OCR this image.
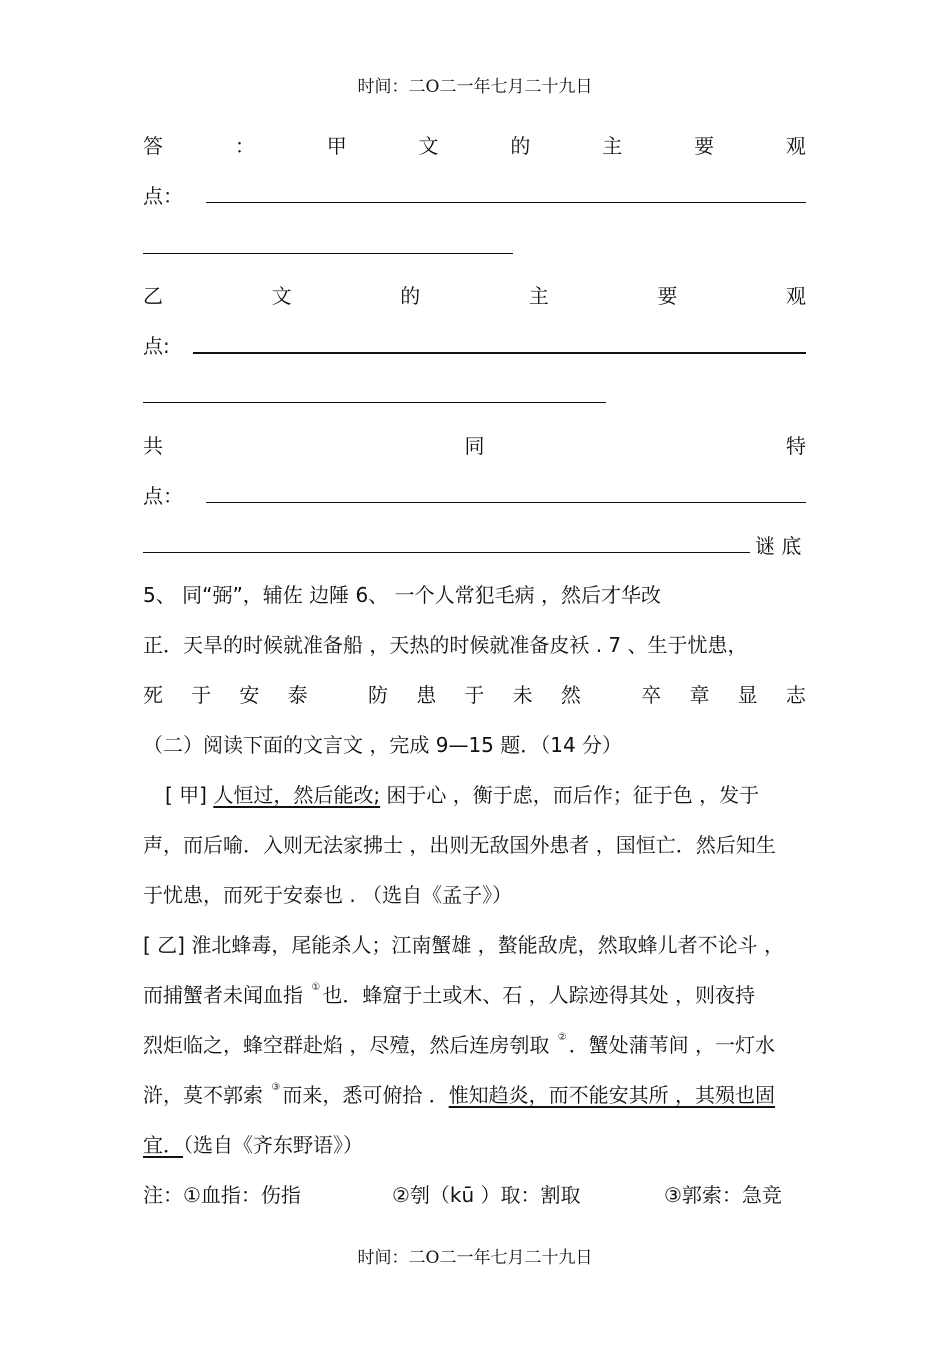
时间：二O二一年七月二十九日
答	：	甲	文	的	主	要	观
点：
乙	文	的	主	要	观
点:
共	同	特
点：
谜 底
5、 同“弼”，辅佐 边陲 6、 一个人常犯毛病 ，然后才华改
正．天旱的时候就准备船 ，天热的时候就准备皮袄 . 7 、生于忧患，
死 于 安 泰	防 患 于 未 然	卒 章 显 志
（二）阅读下面的文言文 ，完成 9—15 题．（14 分）
[ 甲] 人恒过，然后能改; 困于心 ，衡于虑，而后作；征于色 ，发于
声，而后喻．入则无法家拂士 ，出则无敌国外患者 ，国恒亡．然后知生
于忧患，而死于安泰也 . （选自《孟子》）
[ 乙] 淮北蜂毒，尾能杀人；江南蟹雄 ，螯能敌虎，然取蜂儿者不论斗 ，
而捕蟹者未闻血指 ① 也．蜂窟于土或木、石 ，人踪迹得其处 ，则夜持
烈炬临之，蜂空群赴焰 ，尽殪，然后连房刳取 ② ．蟹处蒲苇间 ，一灯水
浒，莫不郭索 ③ 而来，悉可俯拾 ．惟知趋炎，而不能安其所 ，其殒也固
宜．（选自《齐东野语》）
注：①血指：伤指	②刳（kū ）取：割取	③郭索：急竞
时间：二O二一年七月二十九日
